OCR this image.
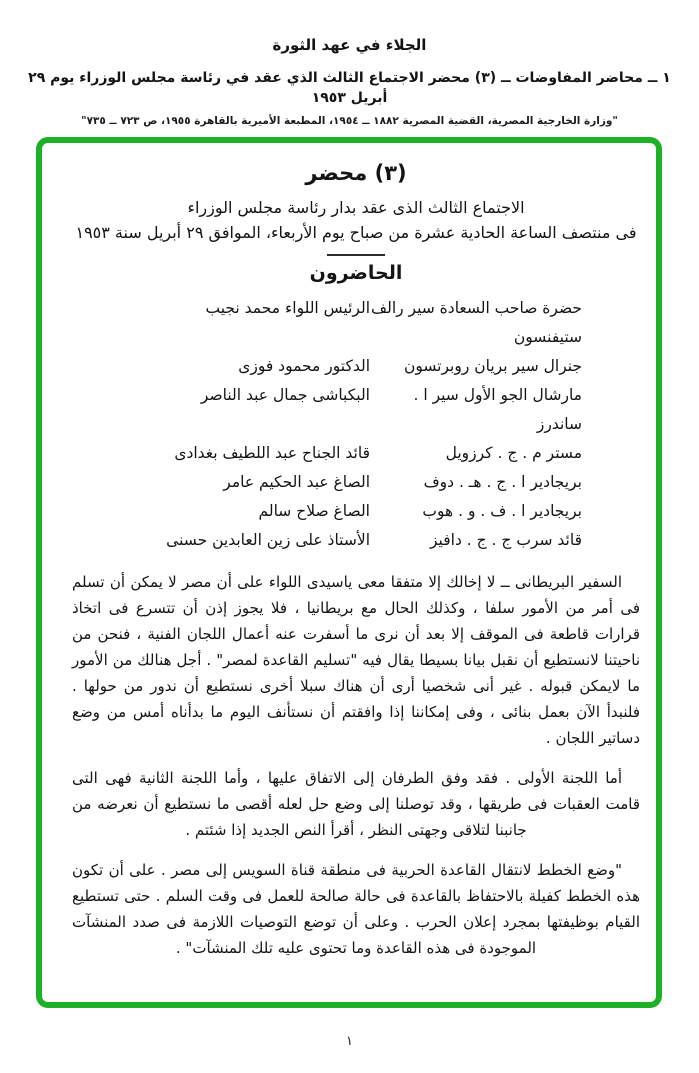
الجلاء في عهد الثورة
١ ــ محاضر المفاوضات ــ (٣) محضر الاجتماع الثالث الذي عقد في رئاسة مجلس الوزراء يوم ٢٩ أبريل ١٩٥٣
"وزارة الخارجية المصرية، القضية المصرية ١٨٨٢ ــ ١٩٥٤، المطبعة الأميرية بالقاهرة ١٩٥٥، ص ٧٢٣ ــ ٧٣٥"
(٣) محضر

الاجتماع الثالث الذى عقد بدار رئاسة مجلس الوزراء

فى منتصف الساعة الحادية عشرة من صباح يوم الأربعاء، الموافق ٢٩ أبريل سنة ١٩٥٣

الحاضرون
حضرة صاحب السعادة سير رالف ستيفنسون
الرئيس اللواء محمد نجيب
جنرال سير بريان روبرتسون
الدكتور محمود فوزى
مارشال الجو الأول سير ا . ساندرز
البكباشى جمال عبد الناصر
مستر م . ج . كرزويل
قائد الجناح عبد اللطيف بغدادى
بريجادير ا . ج . هـ . دوف
الصاغ عبد الحكيم عامر
بريجادير ا . ف . و . هوب
الصاغ صلاح سالم
قائد سرب ج . ج . دافيز
الأستاذ على زين العابدين حسنى

السفير البريطانى ــ لا إخالك إلا متفقا معى ياسيدى اللواء على أن مصر لا يمكن أن تسلم فى أمر من الأمور سلفا ، وكذلك الحال مع بريطانيا ، فلا يجوز إذن أن تتسرع فى اتخاذ قرارات قاطعة فى الموقف إلا بعد أن نرى ما أسفرت عنه أعمال اللجان الفنية ، فنحن من ناحيتنا لانستطيع أن نقبل بيانا بسيطا يقال فيه "تسليم القاعدة لمصر" . أجل هنالك من الأمور ما لايمكن قبوله . غير أنى شخصيا أرى أن هناك سبلا أخرى نستطيع أن ندور من حولها . فلنبدأ الآن بعمل بنائى ، وفى إمكاننا إذا وافقتم أن نستأنف اليوم ما بدأناه أمس من وضع دساتير اللجان .

أما اللجنة الأولى . فقد وفق الطرفان إلى الاتفاق عليها ، وأما اللجنة الثانية فهى التى قامت العقبات فى طريقها ، وقد توصلنا إلى وضع حل لعله أقصى ما نستطيع أن نعرضه من جانبنا لتلاقى وجهتى النظر ، أقرأ النص الجديد إذا شئتم .

"وضع الخطط لانتقال القاعدة الحربية فى منطقة قناة السويس إلى مصر . على أن تكون هذه الخطط كفيلة بالاحتفاظ بالقاعدة فى حالة صالحة للعمل فى وقت السلم . حتى تستطيع القيام بوظيفتها بمجرد إعلان الحرب . وعلى أن توضع التوصيات اللازمة فى صدد المنشآت الموجودة فى هذه القاعدة وما تحتوى عليه تلك المنشآت" .

١
